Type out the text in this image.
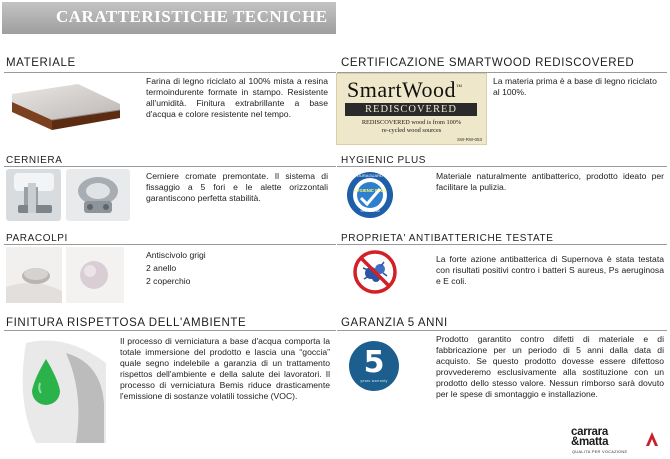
CARATTERISTICHE TECNICHE
MATERIALE
Farina di legno riciclato al 100% mista a resina termoindurente formate in stampo. Resistente all'umidità. Finitura extrabrillante a base d'acqua e colore resistente nel tempo.
CERTIFICAZIONE SMARTWOOD REDISCOVERED
SmartWood™
REDISCOVERED
REDISCOVERED wood is from 100%
re-cycled wood sources
SW-RW-053
La materia prima è a base di legno riciclato al 100%.
CERNIERA
Cerniere cromate premontate. Il sistema di fissaggio a 5 fori e le alette orizzontali garantiscono perfetta stabilità.
HYGIENIC PLUS
DURAGUARD
HYGIENIC PLUS
ISO 22196
Materiale naturalmente antibatterico, prodotto ideato per facilitare la pulizia.
PARACOLPI
Antiscivolo grigi
2 anello
2 coperchio
PROPRIETA' ANTIBATTERICHE TESTATE
La forte azione antibatterica di Supernova è stata testata con risultati positivi contro i batteri S aureus, Ps aeruginosa e E coli.
FINITURA RISPETTOSA DELL'AMBIENTE
Il processo di verniciatura a base d'acqua comporta la totale immersione del prodotto e lascia una “goccia” quale segno indelebile a garanzia di un trattamento rispettos dell'ambiente e della salute dei lavoratori. Il processo di verniciatura Bemis riduce drasticamente l'emissione di sostanze volatili tossiche (VOC).
GARANZIA 5 ANNI
5
years warranty
Prodotto garantito contro difetti di materiale e di fabbricazione per un periodo di 5 anni dalla data di acquisto. Se questo prodotto dovesse essere difettoso provvederemo esclusivamente alla sostituzione con un prodotto dello stesso valore. Nessun rimborso sarà dovuto per le spese di smontaggio e installazione.
carrara
&matta
QUALITÀ PER VOCAZIONE
